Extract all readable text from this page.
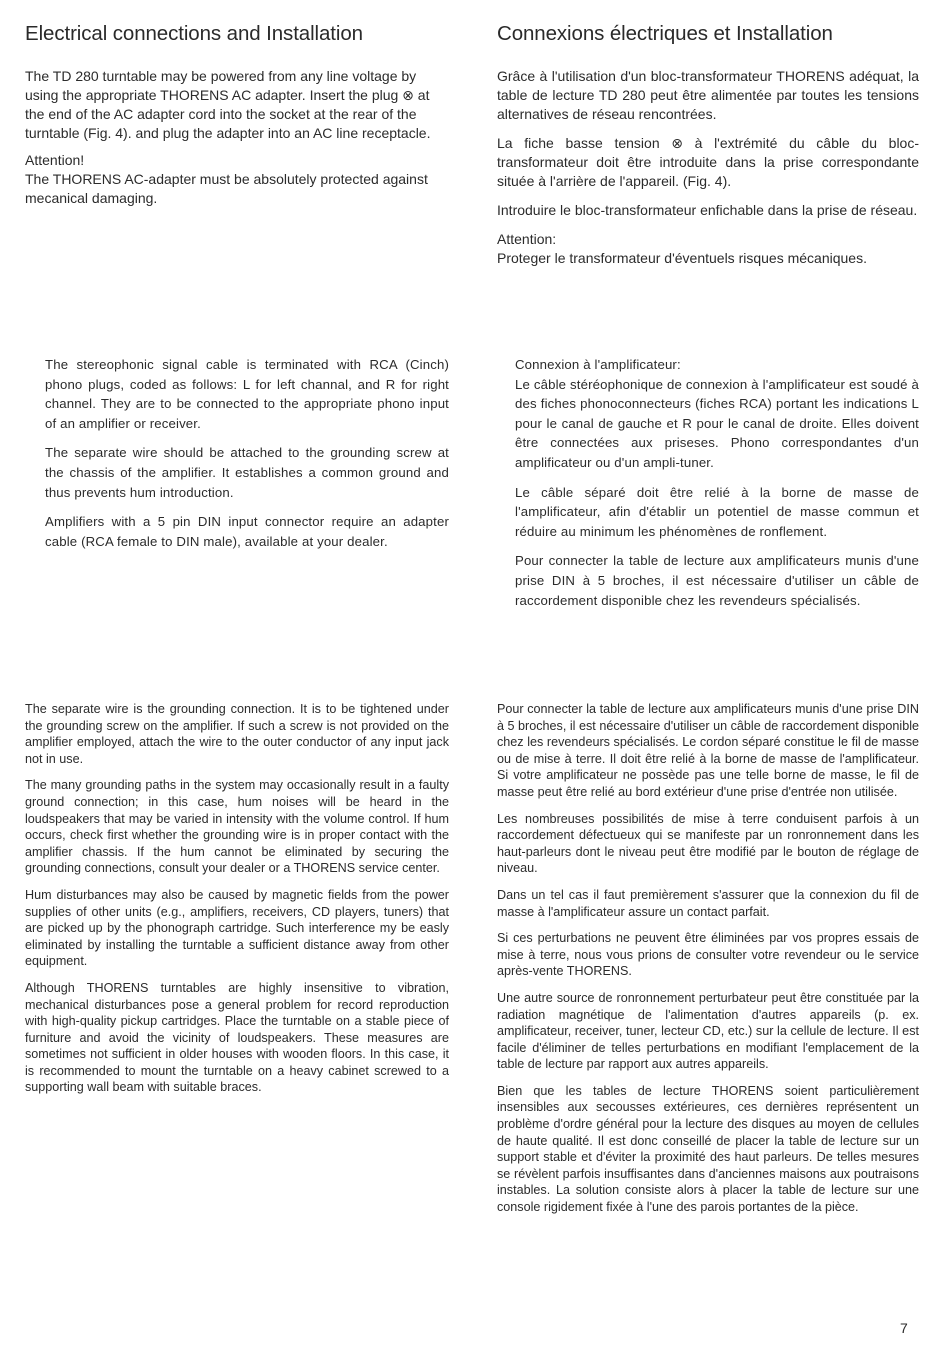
Electrical connections and Installation

The TD 280 turntable may be powered from any line voltage by using the appropriate THORENS AC adapter. Insert the plug ⊗ at the end of the AC adapter cord into the socket at the rear of the turntable (Fig. 4). and plug the adapter into an AC line receptacle.

Attention!

The THORENS AC-adapter must be absolutely protected against mecanical damaging.

The stereophonic signal cable is terminated with RCA (Cinch) phono plugs, coded as follows: L for left channal, and R for right channel. They are to be connected to the appropriate phono input of an amplifier or receiver.

The separate wire should be attached to the grounding screw at the chassis of the amplifier. It establishes a common ground and thus prevents hum introduction.

Amplifiers with a 5 pin DIN input connector require an adapter cable (RCA female to DIN male), available at your dealer.

The separate wire is the grounding connection. It is to be tightened under the grounding screw on the amplifier. If such a screw is not provided on the amplifier employed, attach the wire to the outer conductor of any input jack not in use.

The many grounding paths in the system may occasionally result in a faulty ground connection; in this case, hum noises will be heard in the loudspeakers that may be varied in intensity with the volume control. If hum occurs, check first whether the grounding wire is in proper contact with the amplifier chassis. If the hum cannot be eliminated by securing the grounding connections, consult your dealer or a THORENS service center.

Hum disturbances may also be caused by magnetic fields from the power supplies of other units (e.g., amplifiers, receivers, CD players, tuners) that are picked up by the phonograph cartridge. Such interference my be easly eliminated by installing the turntable a sufficient distance away from other equipment.

Although THORENS turntables are highly insensitive to vibration, mechanical disturbances pose a general problem for record reproduction with high-quality pickup cartridges. Place the turntable on a stable piece of furniture and avoid the vicinity of loudspeakers. These measures are sometimes not sufficient in older houses with wooden floors. In this case, it is recommended to mount the turntable on a heavy cabinet screwed to a supporting wall beam with suitable braces.

Connexions électriques et Installation

Grâce à l'utilisation d'un bloc-transformateur THORENS adéquat, la table de lecture TD 280 peut être alimentée par toutes les tensions alternatives de réseau rencontrées.

La fiche basse tension ⊗ à l'extrémité du câble du bloc-transformateur doit être introduite dans la prise correspondante située à l'arrière de l'appareil. (Fig. 4).

Introduire le bloc-transformateur enfichable dans la prise de réseau.

Attention:

Proteger le transformateur d'éventuels risques mécaniques.

Connexion à l'amplificateur:

Le câble stéréophonique de connexion à l'amplificateur est soudé à des fiches phonoconnecteurs (fiches RCA) portant les indications L pour le canal de gauche et R pour le canal de droite. Elles doivent être connectées aux priseses. Phono correspondantes d'un amplificateur ou d'un ampli-tuner.

Le câble séparé doit être relié à la borne de masse de l'amplificateur, afin d'établir un potentiel de masse commun et réduire au minimum les phénomènes de ronflement.

Pour connecter la table de lecture aux amplificateurs munis d'une prise DIN à 5 broches, il est nécessaire d'utiliser un câble de raccordement disponible chez les revendeurs spécialisés.

Pour connecter la table de lecture aux amplificateurs munis d'une prise DIN à 5 broches, il est nécessaire d'utiliser un câble de raccordement disponible chez les revendeurs spécialisés. Le cordon séparé constitue le fil de masse ou de mise à terre. Il doit être relié à la borne de masse de l'amplificateur. Si votre amplificateur ne possède pas une telle borne de masse, le fil de masse peut être relié au bord extérieur d'une prise d'entrée non utilisée.

Les nombreuses possibilités de mise à terre conduisent parfois à un raccordement défectueux qui se manifeste par un ronronnement dans les haut-parleurs dont le niveau peut être modifié par le bouton de réglage de niveau.

Dans un tel cas il faut premièrement s'assurer que la connexion du fil de masse à l'amplificateur assure un contact parfait.

Si ces perturbations ne peuvent être éliminées par vos propres essais de mise à terre, nous vous prions de consulter votre revendeur ou le service après-vente THORENS.

Une autre source de ronronnement perturbateur peut être constituée par la radiation magnétique de l'alimentation d'autres appareils (p. ex. amplificateur, receiver, tuner, lecteur CD, etc.) sur la cellule de lecture. Il est facile d'éliminer de telles perturbations en modifiant l'emplacement de la table de lecture par rapport aux autres appareils.

Bien que les tables de lecture THORENS soient particulièrement insensibles aux secousses extérieures, ces dernières représentent un problème d'ordre général pour la lecture des disques au moyen de cellules de haute qualité. Il est donc conseillé de placer la table de lecture sur un support stable et d'éviter la proximité des haut parleurs. De telles mesures se révèlent parfois insuffisantes dans d'anciennes maisons aux poutraisons instables. La solution consiste alors à placer la table de lecture sur une console rigidement fixée à l'une des parois portantes de la pièce.

7
